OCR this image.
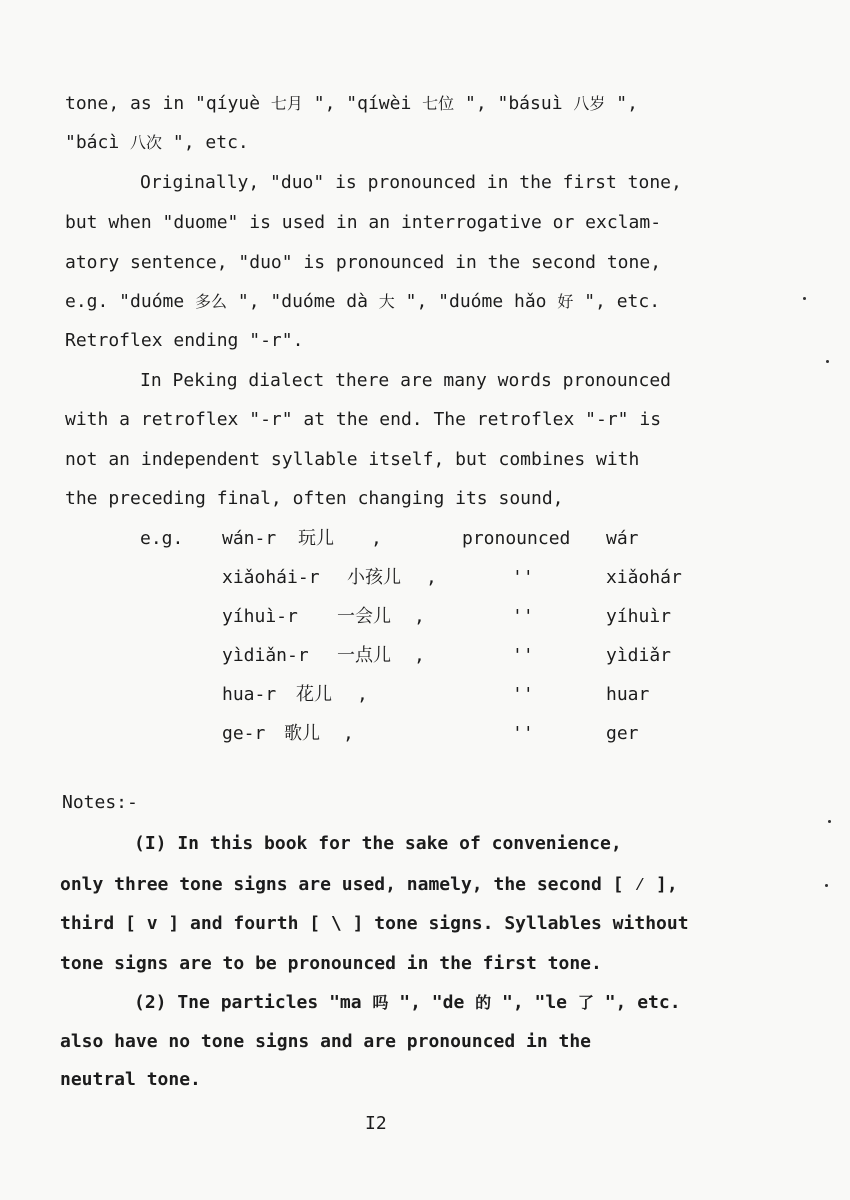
tone, as in "qíyuè 七月 ", "qíwèi 七位 ", "básuì 八岁 ",
"bácì 八次 ", etc.
Originally, "duo" is pronounced in the first tone,
but when "duome" is used in an interrogative or exclam-
atory sentence, "duo" is pronounced in the second tone,
e.g. "duóme 多么 ", "duóme dà 大 ", "duóme hǎo 好 ", etc.
Retroflex ending "-r".
In Peking dialect there are many words pronounced
with a retroflex "-r" at the end. The retroflex "-r" is
not an independent syllable itself, but combines with
the preceding final, often changing its sound,
e.g. wán-r 玩儿 ,	pronounced wár
xiǎohái-r 小孩儿 ,	''	xiǎohár
yíhuì-r 一会儿 ,	''	yíhuìr
yìdiǎn-r 一点儿 ,	''	yìdiǎr
hua-r 花儿 ,	''	huar
ge-r 歌儿 ,	''	ger
Notes:-
(I) In this book for the sake of convenience,
only three tone signs are used, namely, the second [ ⁄ ],
third [ v ] and fourth [ \ ] tone signs. Syllables without
tone signs are to be pronounced in the first tone.
(2) Tne particles "ma 吗 ", "de 的 ", "le 了 ", etc.
also have no tone signs and are pronounced in the
neutral tone.
I2
